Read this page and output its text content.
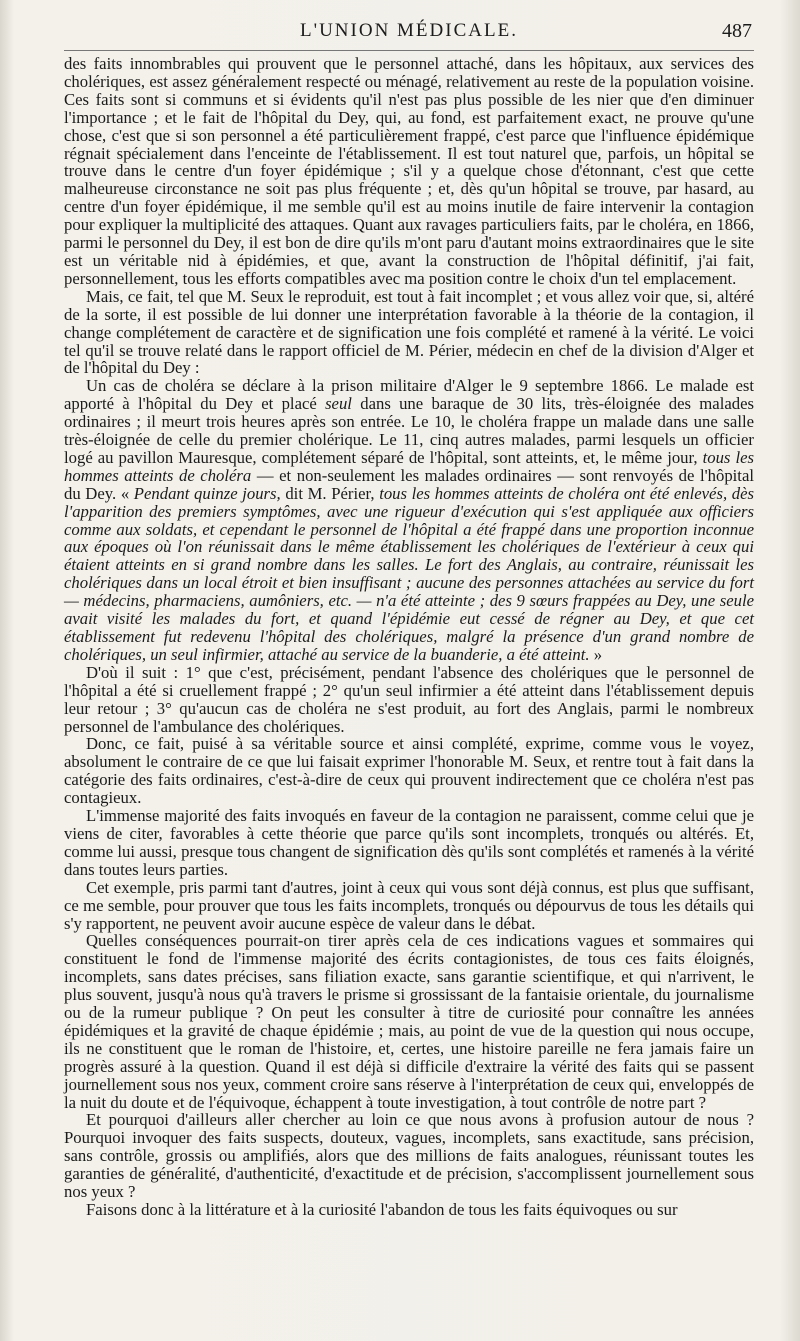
L'UNION MÉDICALE.	487

des faits innombrables qui prouvent que le personnel attaché, dans les hôpitaux, aux services des cholériques, est assez généralement respecté ou ménagé, relativement au reste de la population voisine. Ces faits sont si communs et si évidents qu'il n'est pas plus possible de les nier que d'en diminuer l'importance ; et le fait de l'hôpital du Dey, qui, au fond, est parfaitement exact, ne prouve qu'une chose, c'est que si son personnel a été particulièrement frappé, c'est parce que l'influence épidémique régnait spécialement dans l'enceinte de l'établissement. Il est tout naturel que, parfois, un hôpital se trouve dans le centre d'un foyer épidémique ; s'il y a quelque chose d'étonnant, c'est que cette malheureuse circonstance ne soit pas plus fréquente ; et, dès qu'un hôpital se trouve, par hasard, au centre d'un foyer épidémique, il me semble qu'il est au moins inutile de faire intervenir la contagion pour expliquer la multiplicité des attaques. Quant aux ravages particuliers faits, par le choléra, en 1866, parmi le personnel du Dey, il est bon de dire qu'ils m'ont paru d'autant moins extraordinaires que le site est un véritable nid à épidémies, et que, avant la construction de l'hôpital définitif, j'ai fait, personnellement, tous les efforts compatibles avec ma position contre le choix d'un tel emplacement.

Mais, ce fait, tel que M. Seux le reproduit, est tout à fait incomplet ; et vous allez voir que, si, altéré de la sorte, il est possible de lui donner une interprétation favorable à la théorie de la contagion, il change complétement de caractère et de signification une fois complété et ramené à la vérité. Le voici tel qu'il se trouve relaté dans le rapport officiel de M. Périer, médecin en chef de la division d'Alger et de l'hôpital du Dey :

Un cas de choléra se déclare à la prison militaire d'Alger le 9 septembre 1866. Le malade est apporté à l'hôpital du Dey et placé seul dans une baraque de 30 lits, très-éloignée des malades ordinaires ; il meurt trois heures après son entrée. Le 10, le choléra frappe un malade dans une salle très-éloignée de celle du premier cholérique. Le 11, cinq autres malades, parmi lesquels un officier logé au pavillon Mauresque, complétement séparé de l'hôpital, sont atteints, et, le même jour, tous les hommes atteints de choléra — et non-seulement les malades ordinaires — sont renvoyés de l'hôpital du Dey. « Pendant quinze jours, dit M. Périer, tous les hommes atteints de choléra ont été enlevés, dès l'apparition des premiers symptômes, avec une rigueur d'exécution qui s'est appliquée aux officiers comme aux soldats, et cependant le personnel de l'hôpital a été frappé dans une proportion inconnue aux époques où l'on réunissait dans le même établissement les cholériques de l'extérieur à ceux qui étaient atteints en si grand nombre dans les salles. Le fort des Anglais, au contraire, réunissait les cholériques dans un local étroit et bien insuffisant ; aucune des personnes attachées au service du fort — médecins, pharmaciens, aumôniers, etc. — n'a été atteinte ; des 9 sœurs frappées au Dey, une seule avait visité les malades du fort, et quand l'épidémie eut cessé de régner au Dey, et que cet établissement fut redevenu l'hôpital des cholériques, malgré la présence d'un grand nombre de cholériques, un seul infirmier, attaché au service de la buanderie, a été atteint. »

D'où il suit : 1° que c'est, précisément, pendant l'absence des cholériques que le personnel de l'hôpital a été si cruellement frappé ; 2° qu'un seul infirmier a été atteint dans l'établissement depuis leur retour ; 3° qu'aucun cas de choléra ne s'est produit, au fort des Anglais, parmi le nombreux personnel de l'ambulance des cholériques.

Donc, ce fait, puisé à sa véritable source et ainsi complété, exprime, comme vous le voyez, absolument le contraire de ce que lui faisait exprimer l'honorable M. Seux, et rentre tout à fait dans la catégorie des faits ordinaires, c'est-à-dire de ceux qui prouvent indirectement que ce choléra n'est pas contagieux.

L'immense majorité des faits invoqués en faveur de la contagion ne paraissent, comme celui que je viens de citer, favorables à cette théorie que parce qu'ils sont incomplets, tronqués ou altérés. Et, comme lui aussi, presque tous changent de signification dès qu'ils sont complétés et ramenés à la vérité dans toutes leurs parties.

Cet exemple, pris parmi tant d'autres, joint à ceux qui vous sont déjà connus, est plus que suffisant, ce me semble, pour prouver que tous les faits incomplets, tronqués ou dépourvus de tous les détails qui s'y rapportent, ne peuvent avoir aucune espèce de valeur dans le débat.

Quelles conséquences pourrait-on tirer après cela de ces indications vagues et sommaires qui constituent le fond de l'immense majorité des écrits contagionistes, de tous ces faits éloignés, incomplets, sans dates précises, sans filiation exacte, sans garantie scientifique, et qui n'arrivent, le plus souvent, jusqu'à nous qu'à travers le prisme si grossissant de la fantaisie orientale, du journalisme ou de la rumeur publique ? On peut les consulter à titre de curiosité pour connaître les années épidémiques et la gravité de chaque épidémie ; mais, au point de vue de la question qui nous occupe, ils ne constituent que le roman de l'histoire, et, certes, une histoire pareille ne fera jamais faire un progrès assuré à la question. Quand il est déjà si difficile d'extraire la vérité des faits qui se passent journellement sous nos yeux, comment croire sans réserve à l'interprétation de ceux qui, enveloppés de la nuit du doute et de l'équivoque, échappent à toute investigation, à tout contrôle de notre part ?

Et pourquoi d'ailleurs aller chercher au loin ce que nous avons à profusion autour de nous ? Pourquoi invoquer des faits suspects, douteux, vagues, incomplets, sans exactitude, sans précision, sans contrôle, grossis ou amplifiés, alors que des millions de faits analogues, réunissant toutes les garanties de généralité, d'authenticité, d'exactitude et de précision, s'accomplissent journellement sous nos yeux ?

Faisons donc à la littérature et à la curiosité l'abandon de tous les faits équivoques ou sur
